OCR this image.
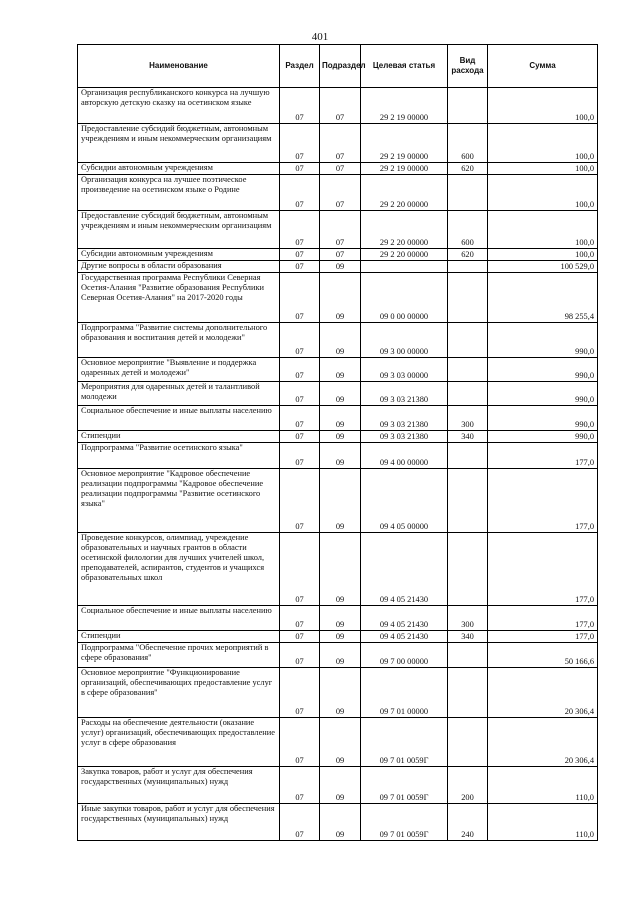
401
Наименование	Раздел	Подраздел	Целевая статья	Вид расхода	Сумма
Организация республиканского конкурса на лучшую авторскую детскую сказку на осетинском языке	07	07	29 2 19 00000		100,0
Предоставление субсидий бюджетным, автономным учреждениям и иным некоммерческим организациям	07	07	29 2 19 00000	600	100,0
Субсидии автономным учреждениям	07	07	29 2 19 00000	620	100,0
Организация конкурса на лучшее поэтическое произведение на осетинском языке о Родине	07	07	29 2 20 00000		100,0
Предоставление субсидий бюджетным, автономным учреждениям и иным некоммерческим организациям	07	07	29 2 20 00000	600	100,0
Субсидии автономным учреждениям	07	07	29 2 20 00000	620	100,0
Другие вопросы в области образования	07	09			100 529,0
Государственная программа Республики Северная Осетия-Алания "Развитие образования Республики Северная Осетия-Алания" на 2017-2020 годы	07	09	09 0 00 00000		98 255,4
Подпрограмма "Развитие системы дополнительного образования и воспитания детей и молодежи"	07	09	09 3 00 00000		990,0
Основное мероприятие "Выявление и поддержка одаренных детей и молодежи"	07	09	09 3 03 00000		990,0
Мероприятия для одаренных детей и талантливой молодежи	07	09	09 3 03 21380		990,0
Социальное обеспечение и иные выплаты населению	07	09	09 3 03 21380	300	990,0
Стипендии	07	09	09 3 03 21380	340	990,0
Подпрограмма "Развитие осетинского языка"	07	09	09 4 00 00000		177,0
Основное мероприятие "Кадровое обеспечение реализации подпрограммы "Кадровое обеспечение реализации подпрограммы "Развитие осетинского языка"	07	09	09 4 05 00000		177,0
Проведение конкурсов, олимпиад, учреждение образовательных и научных грантов в области осетинской филологии для лучших учителей школ, преподавателей, аспирантов, студентов и учащихся образовательных школ	07	09	09 4 05 21430		177,0
Социальное обеспечение и иные выплаты населению	07	09	09 4 05 21430	300	177,0
Стипендии	07	09	09 4 05 21430	340	177,0
Подпрограмма "Обеспечение прочих мероприятий в сфере образования"	07	09	09 7 00 00000		50 166,6
Основное мероприятие "Функционирование организаций, обеспечивающих предоставление услуг в сфере образования"	07	09	09 7 01 00000		20 306,4
Расходы на обеспечение деятельности (оказание услуг) организаций, обеспечивающих предоставление услуг в сфере образования	07	09	09 7 01 0059Г		20 306,4
Закупка товаров, работ и услуг для обеспечения государственных (муниципальных) нужд	07	09	09 7 01 0059Г	200	110,0
Иные закупки товаров, работ и услуг для обеспечения государственных (муниципальных) нужд	07	09	09 7 01 0059Г	240	110,0
